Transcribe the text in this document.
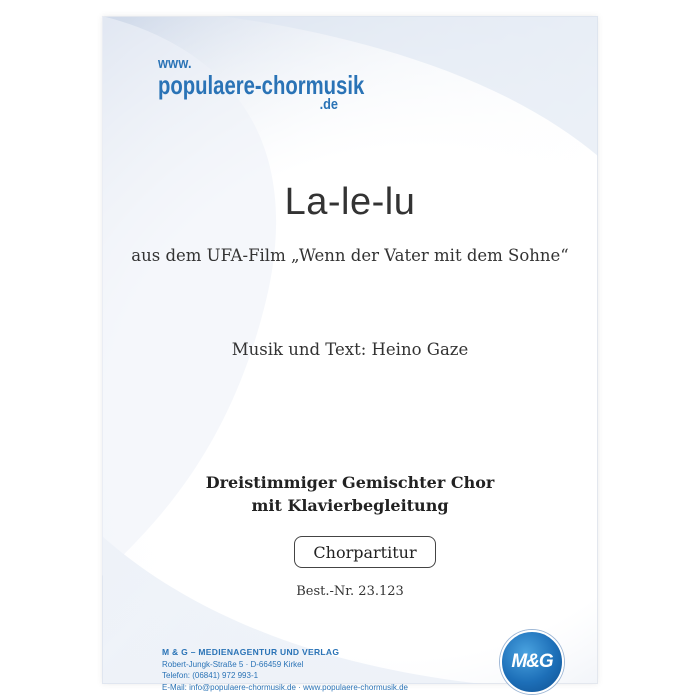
www.
populaere-chormusik
.de
La-le-lu
aus dem UFA-Film „Wenn der Vater mit dem Sohne“
Musik und Text: Heino Gaze
Dreistimmiger Gemischter Chor
mit Klavierbegleitung
Chorpartitur
Best.-Nr. 23.123
M & G – MEDIENAGENTUR UND VERLAG
Robert-Jungk-Straße 5 · D-66459 Kirkel
Telefon: (06841) 972 993-1
E-Mail: info@populaere-chormusik.de · www.populaere-chormusik.de
M&G
